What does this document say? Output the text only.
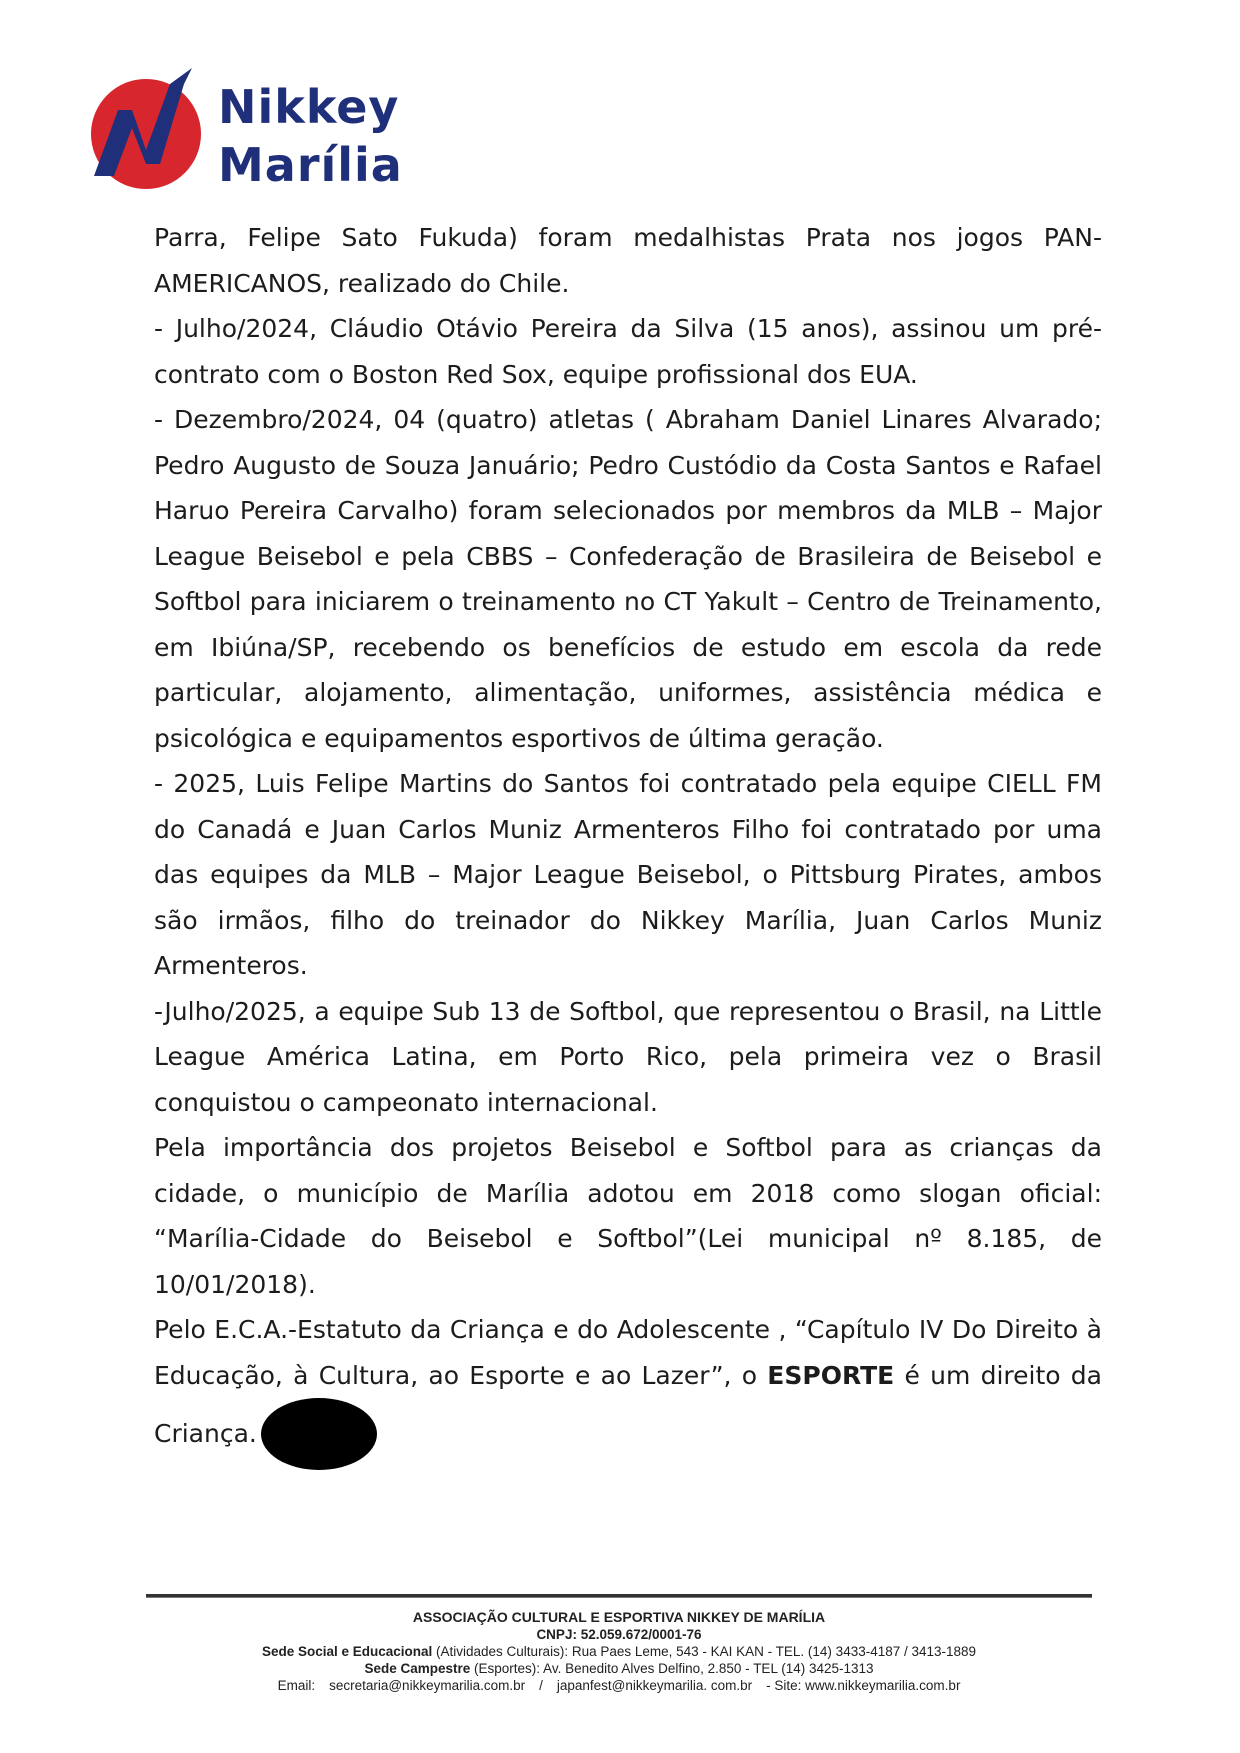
Nikkey
Marília

Parra, Felipe Sato Fukuda) foram medalhistas Prata nos jogos PAN-AMERICANOS, realizado do Chile.

- Julho/2024, Cláudio Otávio Pereira da Silva (15 anos), assinou um pré-contrato com o Boston Red Sox, equipe profissional dos EUA.

- Dezembro/2024, 04 (quatro) atletas ( Abraham Daniel Linares Alvarado; Pedro Augusto de Souza Januário; Pedro Custódio da Costa Santos e Rafael Haruo Pereira Carvalho) foram selecionados por membros da MLB – Major League Beisebol e pela CBBS – Confederação de Brasileira de Beisebol e Softbol para iniciarem o treinamento no CT Yakult – Centro de Treinamento, em Ibiúna/SP, recebendo os benefícios de estudo em escola da rede particular, alojamento, alimentação, uniformes, assistência médica e psicológica e equipamentos esportivos de última geração.

- 2025, Luis Felipe Martins do Santos foi contratado pela equipe CIELL FM do Canadá e Juan Carlos Muniz Armenteros Filho foi contratado por uma das equipes da MLB – Major League Beisebol, o Pittsburg Pirates, ambos são irmãos, filho do treinador do Nikkey Marília, Juan Carlos Muniz Armenteros.

-Julho/2025, a equipe Sub 13 de Softbol, que representou o Brasil, na Little League América Latina, em Porto Rico, pela primeira vez o Brasil conquistou o campeonato internacional.

Pela importância dos projetos Beisebol e Softbol para as crianças da cidade, o município de Marília adotou em 2018 como slogan oficial: “Marília-Cidade do Beisebol e Softbol”(Lei municipal nº 8.185, de 10/01/2018).

Pelo E.C.A.-Estatuto da Criança e do Adolescente , “Capítulo IV Do Direito à Educação, à Cultura, ao Esporte e ao Lazer”, o ESPORTE é um direito da Criança.

ASSOCIAÇÃO CULTURAL E ESPORTIVA NIKKEY DE MARÍLIA
CNPJ: 52.059.672/0001-76
Sede Social e Educacional (Atividades Culturais): Rua Paes Leme, 543 - KAI KAN - TEL. (14) 3433-4187 / 3413-1889
Sede Campestre (Esportes): Av. Benedito Alves Delfino, 2.850 - TEL (14) 3425-1313
Email: secretaria@nikkeymarilia.com.br / japanfest@nikkeymarilia. com.br - Site: www.nikkeymarilia.com.br
